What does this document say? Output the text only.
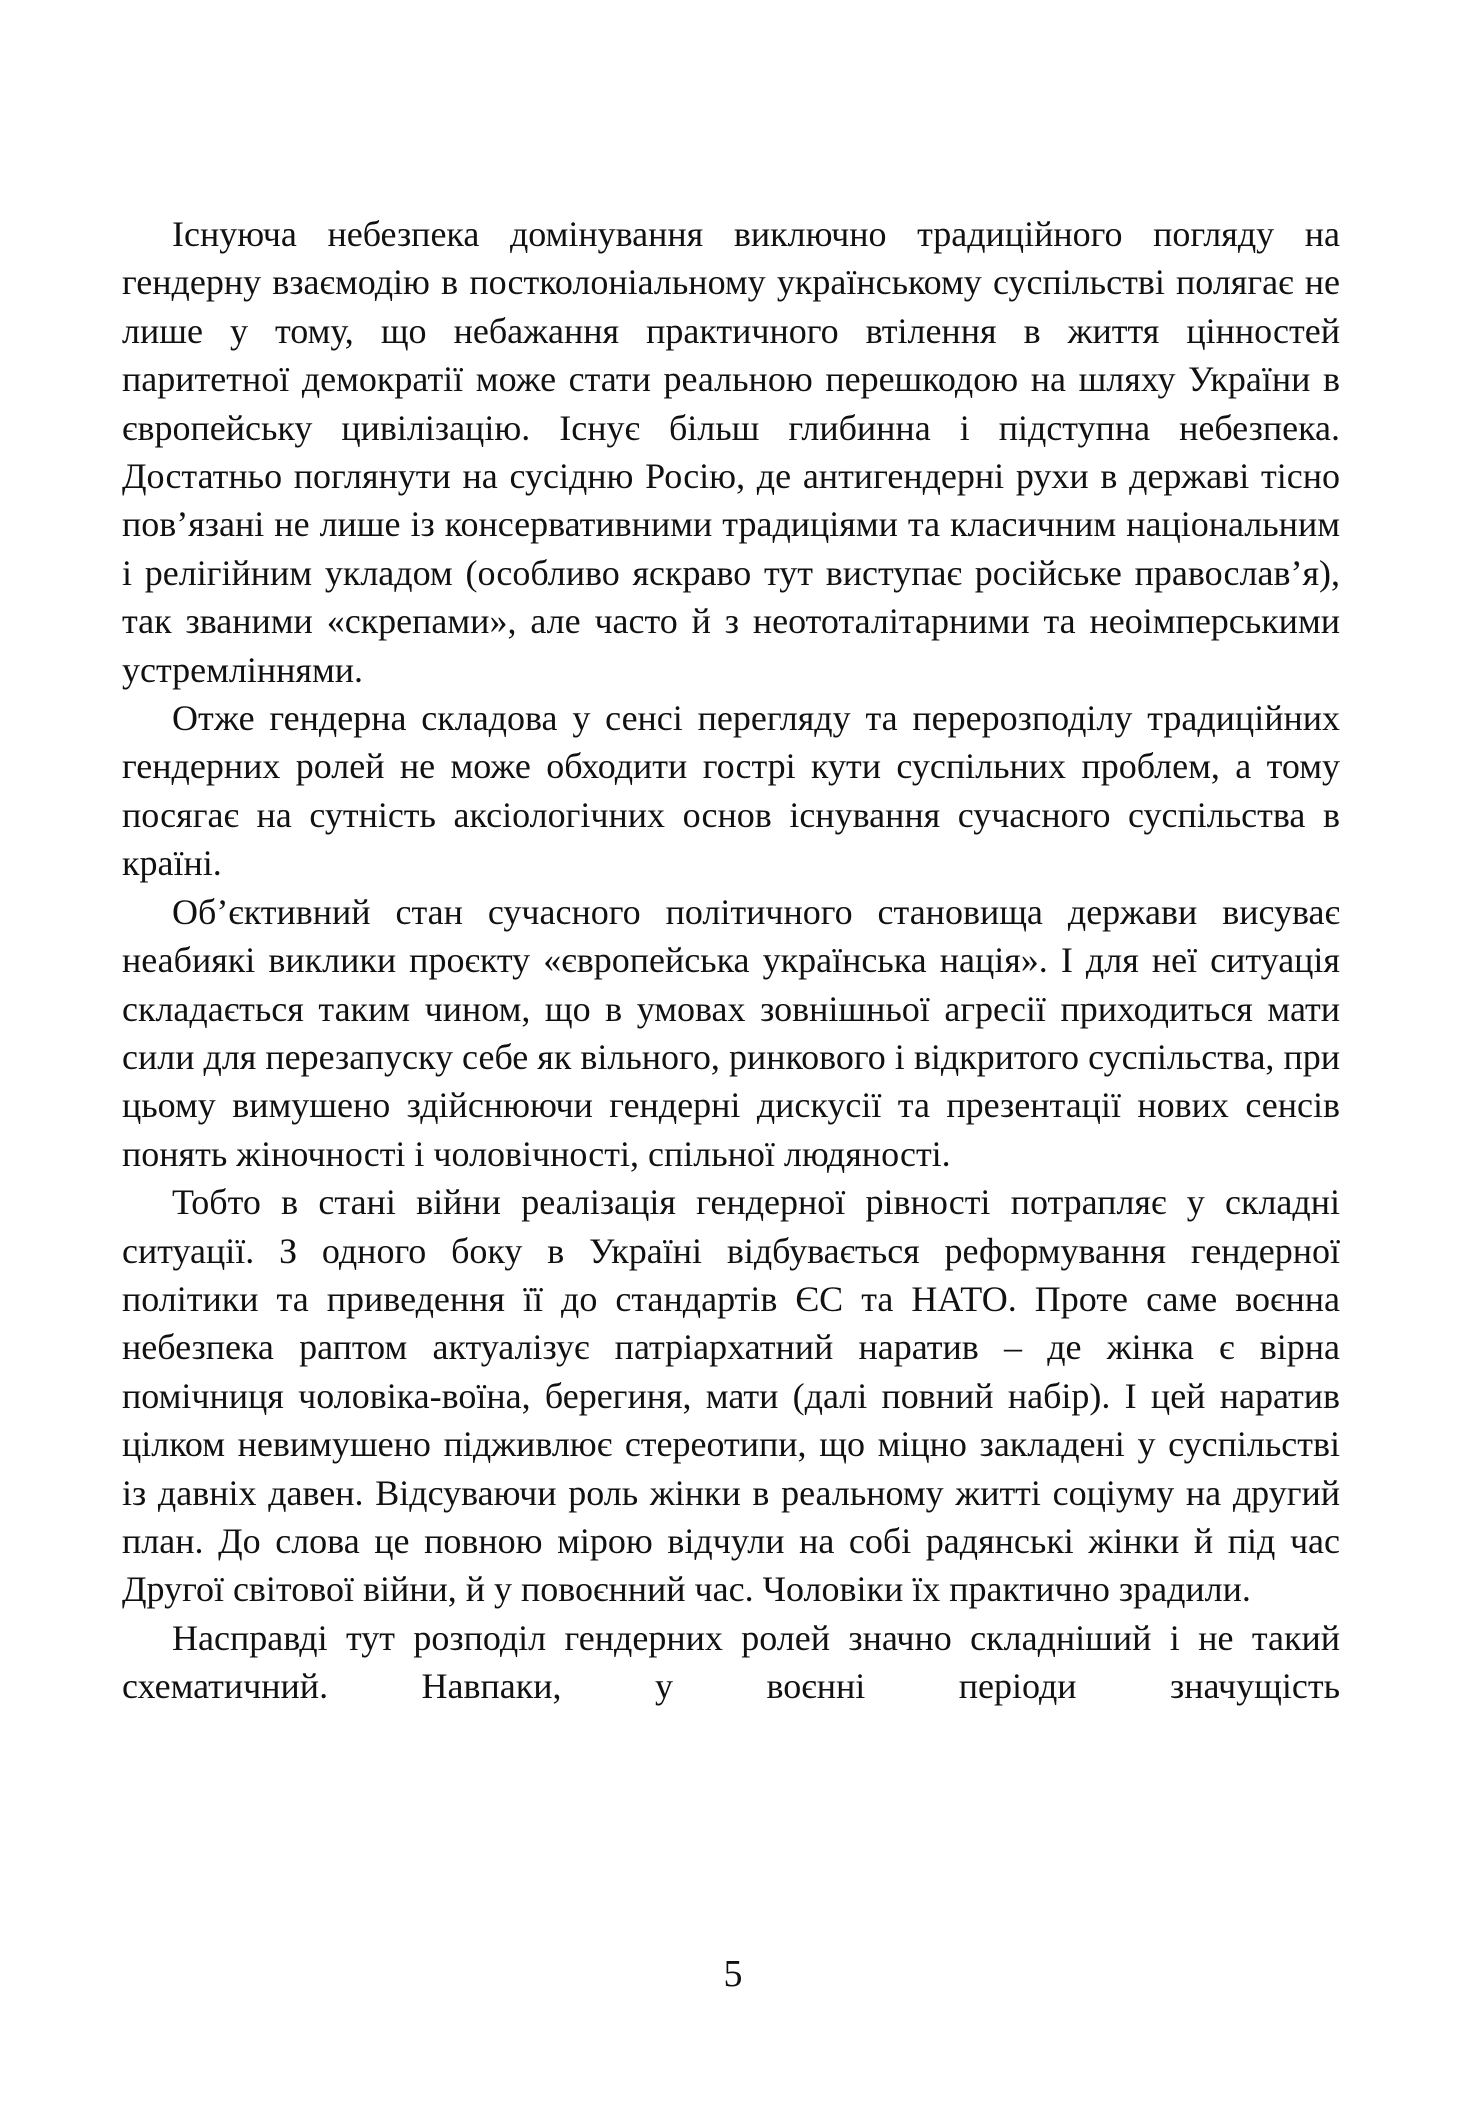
Існуюча небезпека домінування виключно традиційного погляду на гендерну взаємодію в постколоніальному українському суспільстві полягає не лише у тому, що небажання практичного втілення в життя цінностей паритетної демократії може стати реальною перешкодою на шляху України в європейську цивілізацію. Існує більш глибинна і підступна небезпека. Достатньо поглянути на сусідню Росію, де антигендерні рухи в державі тісно пов’язані не лише із консервативними традиціями та класичним національним і релігійним укладом (особливо яскраво тут виступає російське православ’я), так званими «скрепами», але часто й з неототалітарними та неоімперськими устремліннями.

Отже гендерна складова у сенсі перегляду та перерозподілу традиційних гендерних ролей не може обходити гострі кути суспільних проблем, а тому посягає на сутність аксіологічних основ існування сучасного суспільства в країні.

Об’єктивний стан сучасного політичного становища держави висуває неабиякі виклики проєкту «європейська українська нація». І для неї ситуація складається таким чином, що в умовах зовнішньої агресії приходиться мати сили для перезапуску себе як вільного, ринкового і відкритого суспільства, при цьому вимушено здійснюючи гендерні дискусії та презентації нових сенсів понять жіночності і чоловічності, спільної людяності.

Тобто в стані війни реалізація гендерної рівності потрапляє у складні ситуації. З одного боку в Україні відбувається реформування гендерної політики та приведення її до стандартів ЄС та НАТО. Проте саме воєнна небезпека раптом актуалізує патріархатний наратив – де жінка є вірна помічниця чоловіка-воїна, берегиня, мати (далі повний набір). І цей наратив цілком невимушено підживлює стереотипи, що міцно закладені у суспільстві із давніх давен. Відсуваючи роль жінки в реальному житті соціуму на другий план. До слова це повною мірою відчули на собі радянські жінки й під час Другої світової війни, й у повоєнний час. Чоловіки їх практично зрадили.

Насправді тут розподіл гендерних ролей значно складніший і не такий схематичний. Навпаки, у воєнні періоди значущість

5
